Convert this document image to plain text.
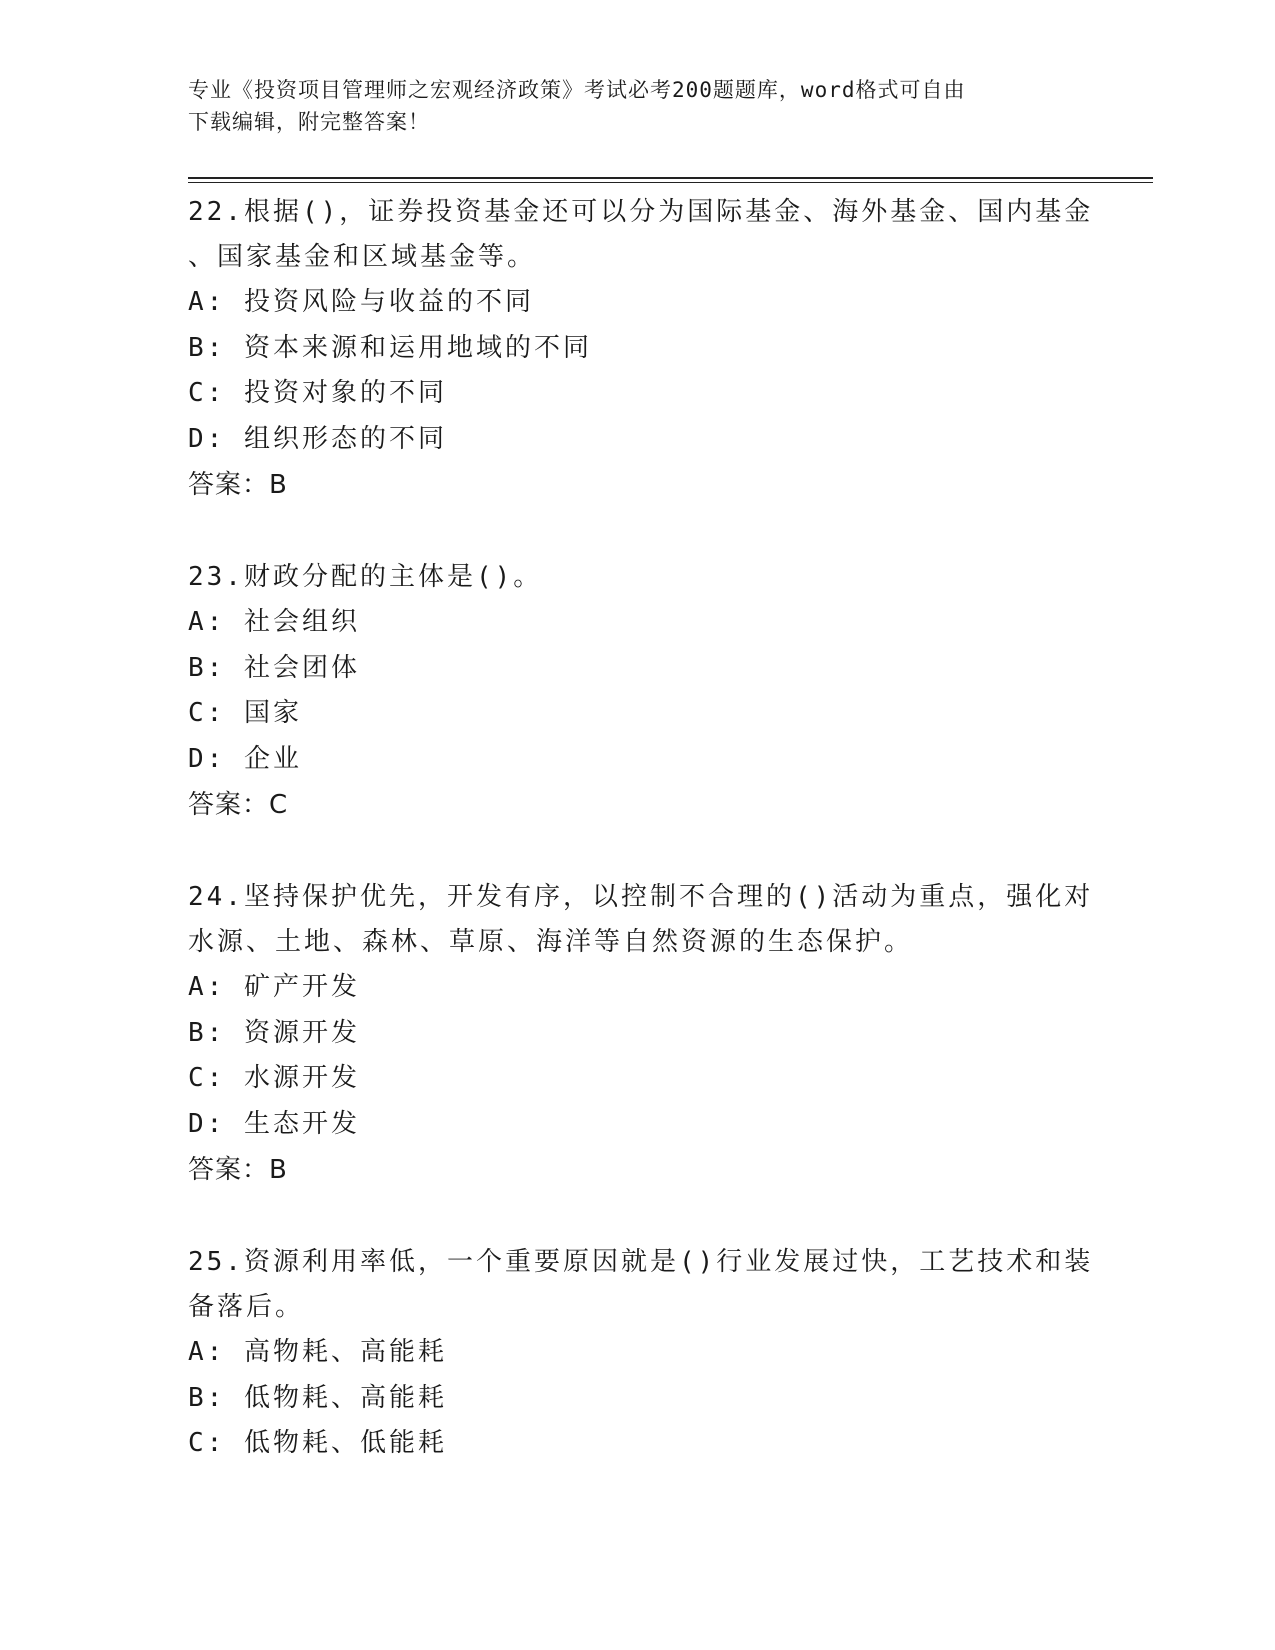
专业《投资项目管理师之宏观经济政策》考试必考200题题库，word格式可自由
下载编辑，附完整答案！
22.根据()，证券投资基金还可以分为国际基金、海外基金、国内基金
、国家基金和区域基金等。
A: 投资风险与收益的不同
B: 资本来源和运用地域的不同
C: 投资对象的不同
D: 组织形态的不同
答案：B
23.财政分配的主体是()。
A: 社会组织
B: 社会团体
C: 国家
D: 企业
答案：C
24.坚持保护优先，开发有序，以控制不合理的()活动为重点，强化对
水源、土地、森林、草原、海洋等自然资源的生态保护。
A: 矿产开发
B: 资源开发
C: 水源开发
D: 生态开发
答案：B
25.资源利用率低，一个重要原因就是()行业发展过快，工艺技术和装
备落后。
A: 高物耗、高能耗
B: 低物耗、高能耗
C: 低物耗、低能耗
